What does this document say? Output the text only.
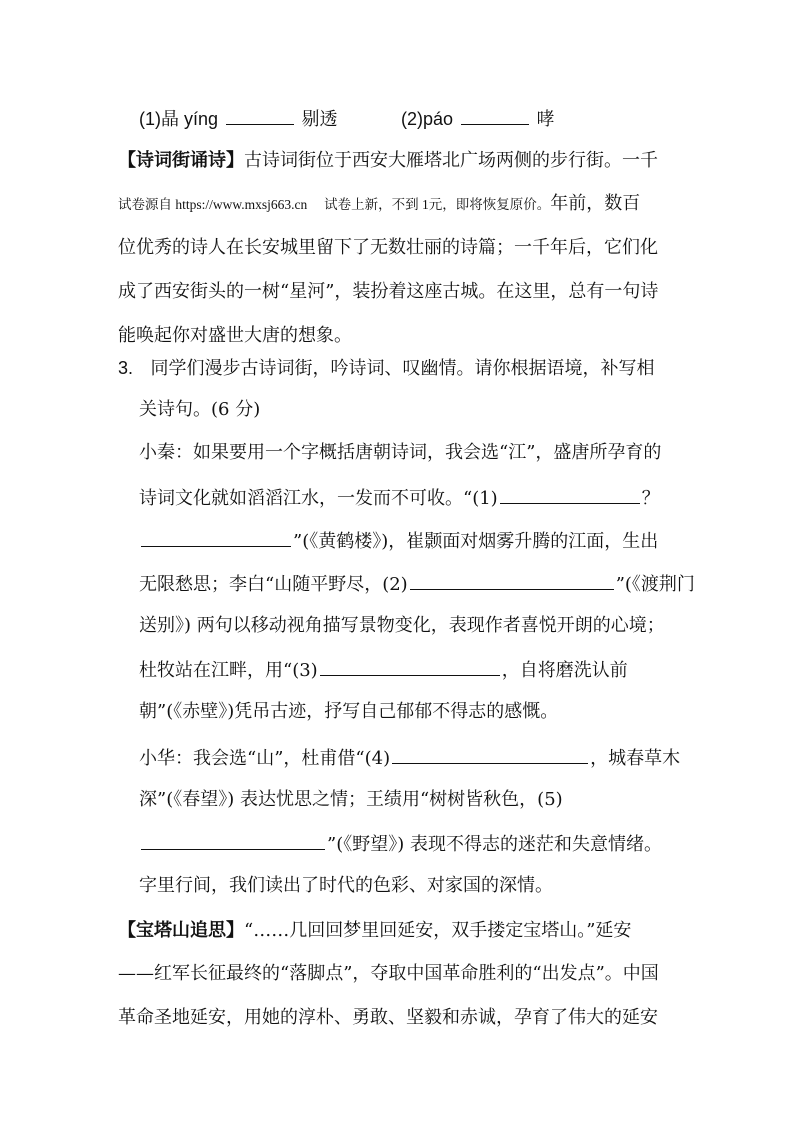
(1)晶 yíng	剔透	(2)páo	哮
【诗词街诵诗】古诗词街位于西安大雁塔北广场两侧的步行街。一千
试卷源自 https://www.mxsj663.cn　 试卷上新，不到 1元，即将恢复原价。年前，数百
位优秀的诗人在长安城里留下了无数壮丽的诗篇；一千年后，它们化
成了西安街头的一树“星河”，装扮着这座古城。在这里，总有一句诗
能唤起你对盛世大唐的想象。
3. 同学们漫步古诗词街，吟诗词、叹幽情。请你根据语境，补写相
关诗句。(6 分)
小秦：如果要用一个字概括唐朝诗词，我会选“江”，盛唐所孕育的
诗词文化就如滔滔江水，一发而不可收。“(1)	？
”(《黄鹤楼》)，崔颢面对烟雾升腾的江面，生出
无限愁思；李白“山随平野尽，(2)	”(《渡荆门
送别》) 两句以移动视角描写景物变化，表现作者喜悦开朗的心境；
杜牧站在江畔，用“(3)	，自将磨洗认前
朝”(《赤壁》)凭吊古迹，抒写自己郁郁不得志的感慨。
小华：我会选“山”，杜甫借“(4)	，城春草木
深”(《春望》) 表达忧思之情；王绩用“树树皆秋色，(5)
”(《野望》) 表现不得志的迷茫和失意情绪。
字里行间，我们读出了时代的色彩、对家国的深情。
【宝塔山追思】“……几回回梦里回延安，双手搂定宝塔山。”延安
——红军长征最终的“落脚点”，夺取中国革命胜利的“出发点”。中国
革命圣地延安，用她的淳朴、勇敢、坚毅和赤诚，孕育了伟大的延安
